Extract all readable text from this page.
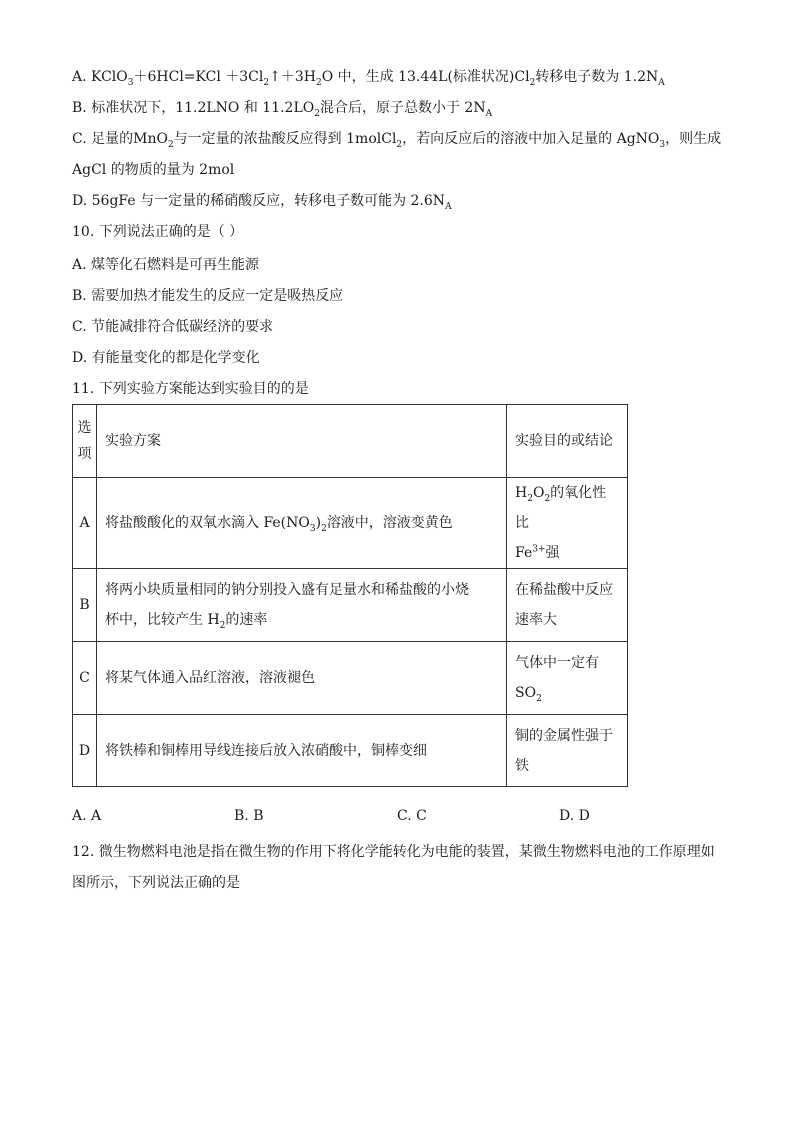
A. KClO$_3$＋6HCl=KCl $+3Cl_2↑+3H_2O$ 中，生成 13.44L(标准状况)$Cl_2$转移电子数为 $1.2N_A$
B. 标准状况下，11.2LNO 和 $11.2LO_2$混合后，原子总数小于 $2N_A$
C. 足量的MnO$_2$与一定量的浓盐酸反应得到 1molCl$_2$，若向反应后的溶液中加入足量的 AgNO$_3$，则生成
AgCl 的物质的量为 2mol
D. 56gFe 与一定量的稀硝酸反应，转移电子数可能为 $2.6N_A$
10. 下列说法正确的是（ ）
A. 煤等化石燃料是可再生能源
B. 需要加热才能发生的反应一定是吸热反应
C. 节能减排符合低碳经济的要求
D. 有能量变化的都是化学变化
11. 下列实验方案能达到实验目的的是
选
项	实验方案	实验目的或结论
A	将盐酸酸化的双氧水滴入 $Fe(NO_3)_2$溶液中，溶液变黄色	$H_2O_2$的氧化性比
$Fe^{3+}$强
B	将两小块质量相同的钠分别投入盛有足量水和稀盐酸的小烧
杯中，比较产生 $H_2$的速率	在稀盐酸中反应
速率大
C	将某气体通入品红溶液，溶液褪色	气体中一定有
$SO_2$
D	将铁棒和铜棒用导线连接后放入浓硝酸中，铜棒变细	铜的金属性强于
铁
A. A	B. B	C. C	D. D
12. 微生物燃料电池是指在微生物的作用下将化学能转化为电能的装置，某微生物燃料电池的工作原理如
图所示，下列说法正确的是
